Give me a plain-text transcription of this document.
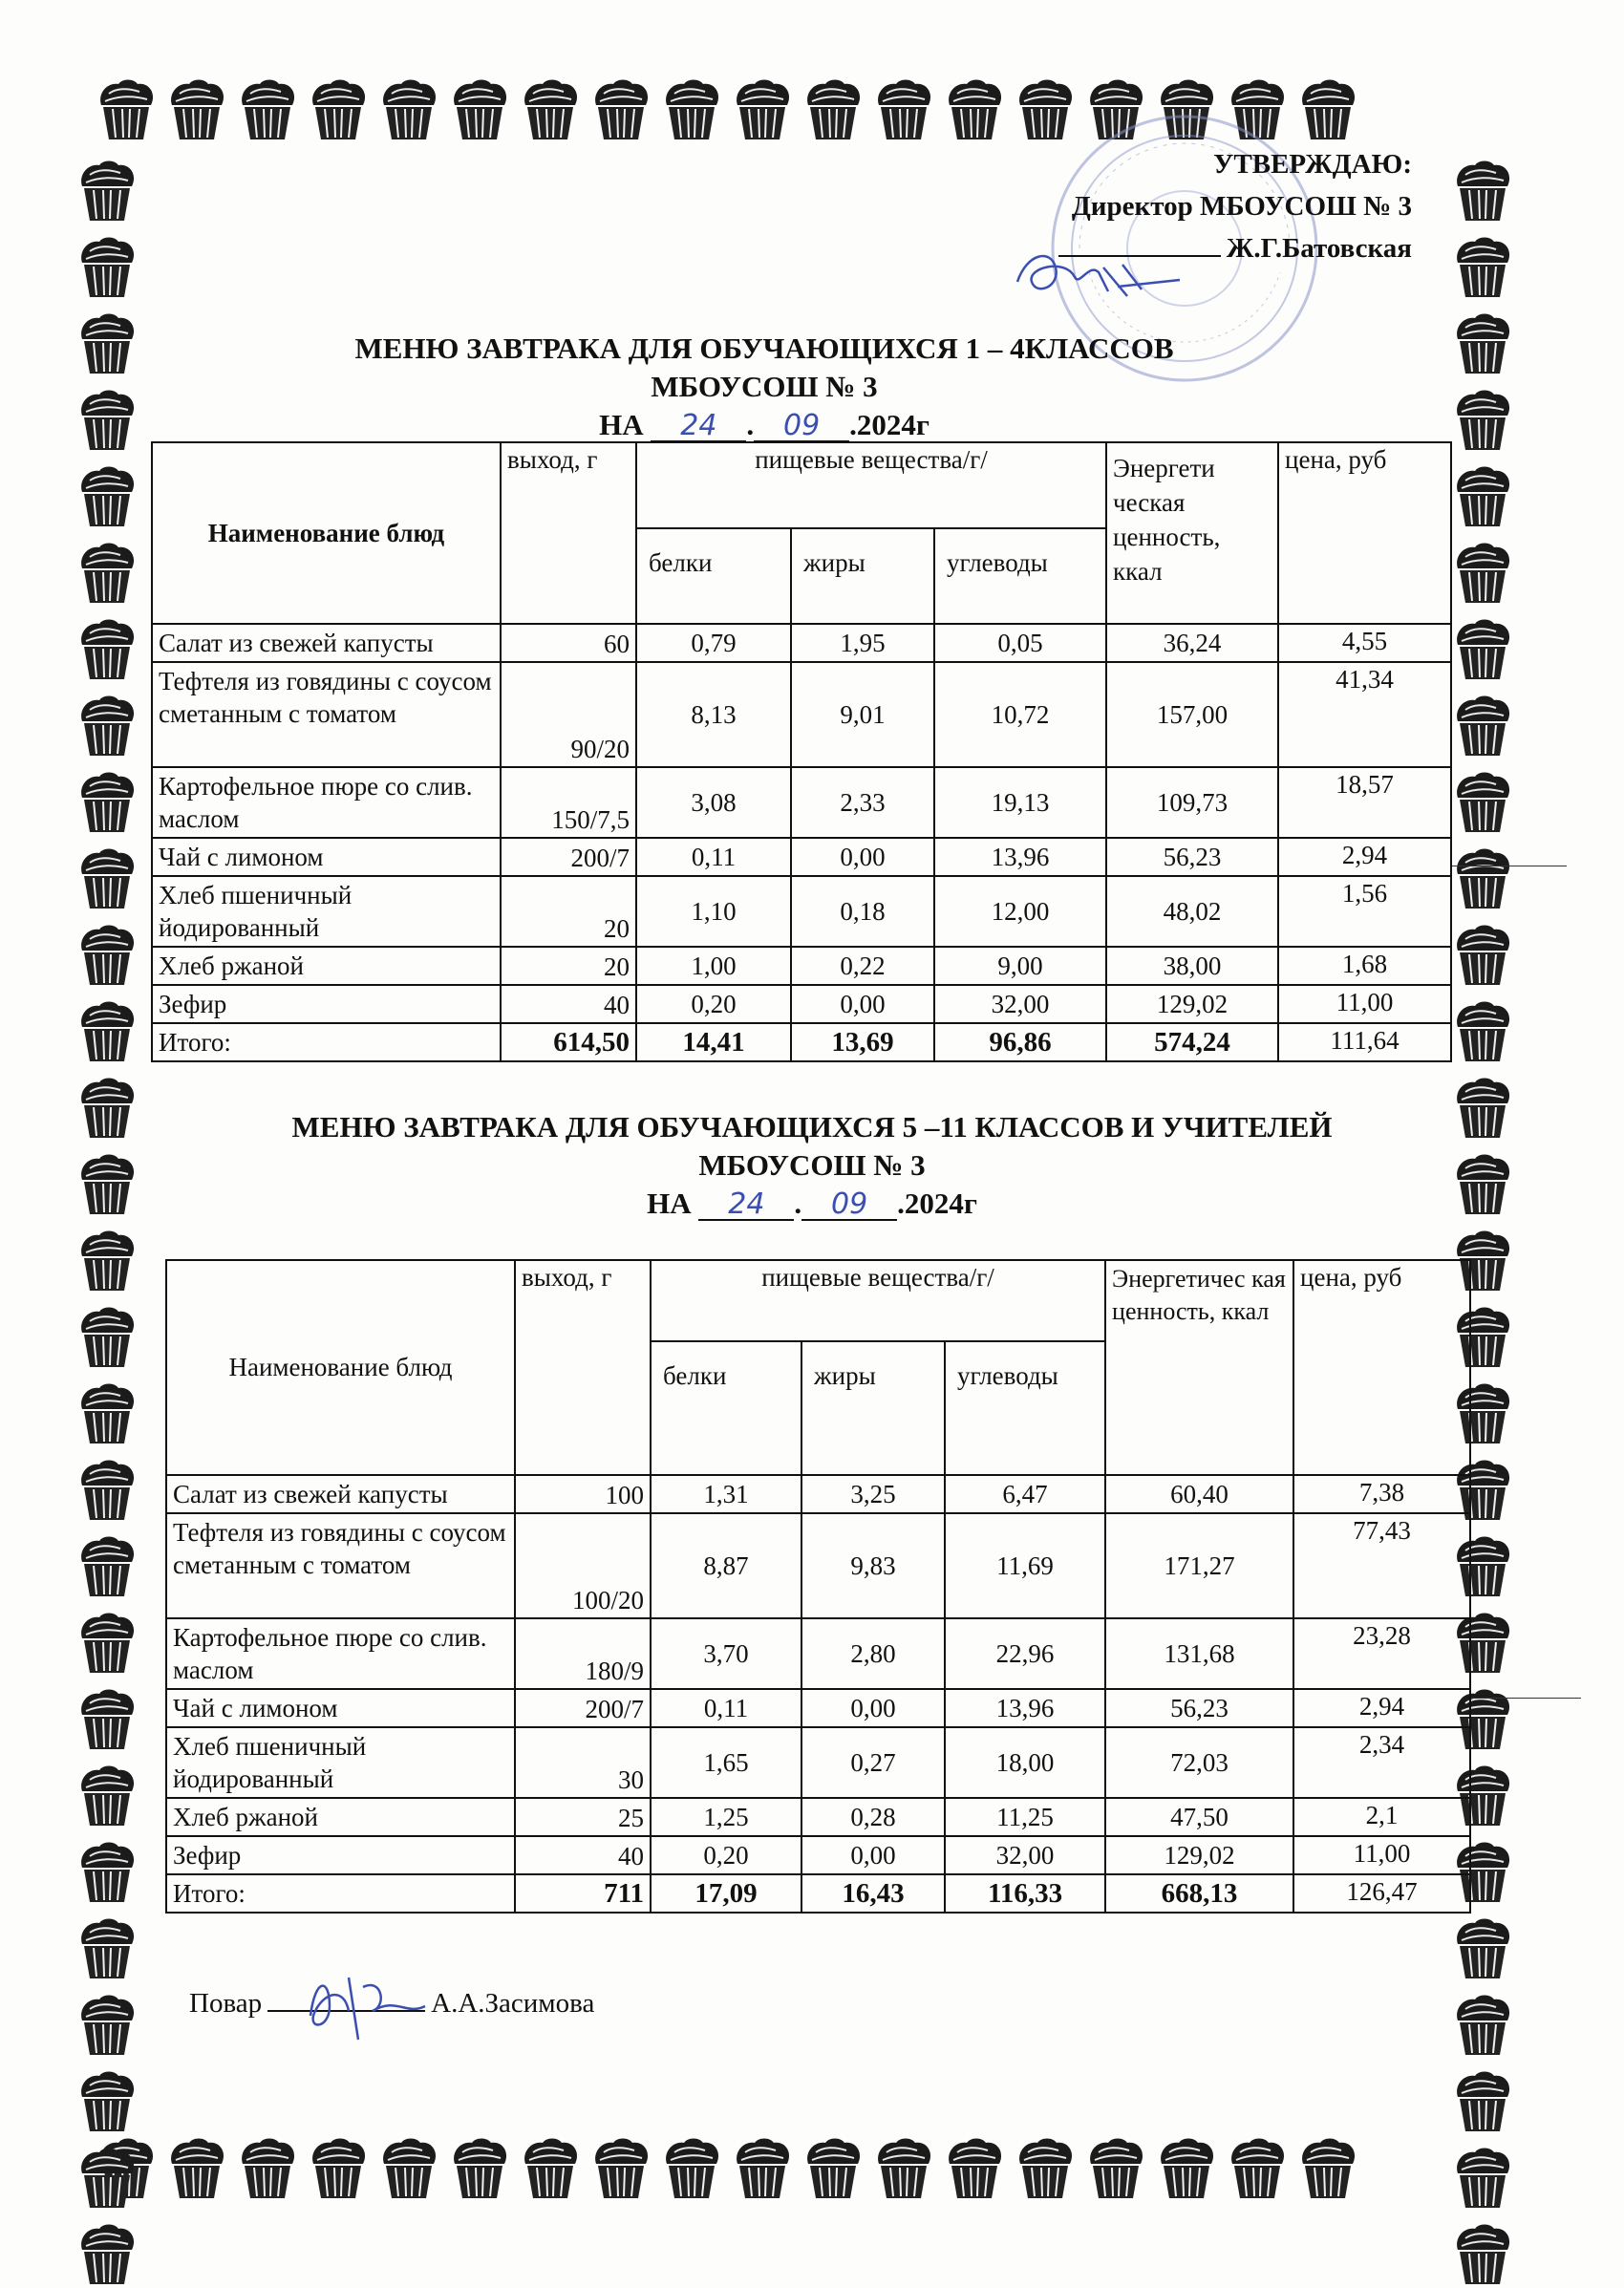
УТВЕРЖДАЮ:
Директор МБОУСОШ № 3
Ж.Г.Батовская
МЕНЮ ЗАВТРАКА ДЛЯ ОБУЧАЮЩИХСЯ 1 – 4КЛАССОВ
МБОУСОШ № 3
НА 24 . 09 .2024г
Наименование блюд	выход, г	пищевые вещества/г/			Энергети ческая ценность, ккал	цена, руб
		белки	жиры	углеводы		
Салат из свежей капусты	60	0,79	1,95	0,05	36,24	4,55
Тефтеля из говядины с соусом сметанным с томатом	90/20	8,13	9,01	10,72	157,00	41,34
Картофельное пюре со слив. маслом	150/7,5	3,08	2,33	19,13	109,73	18,57
Чай с лимоном	200/7	0,11	0,00	13,96	56,23	2,94
Хлеб пшеничный йодированный	20	1,10	0,18	12,00	48,02	1,56
Хлеб ржаной	20	1,00	0,22	9,00	38,00	1,68
Зефир	40	0,20	0,00	32,00	129,02	11,00
Итого:	614,50	14,41	13,69	96,86	574,24	111,64
МЕНЮ ЗАВТРАКА ДЛЯ ОБУЧАЮЩИХСЯ 5 –11 КЛАССОВ И УЧИТЕЛЕЙ
МБОУСОШ № 3
НА 24 . 09 .2024г
Наименование блюд	выход, г	пищевые вещества/г/			Энергетичес кая ценность, ккал	цена, руб
		белки	жиры	углеводы		
Салат из свежей капусты	100	1,31	3,25	6,47	60,40	7,38
Тефтеля из говядины с соусом сметанным с томатом	100/20	8,87	9,83	11,69	171,27	77,43
Картофельное пюре со слив. маслом	180/9	3,70	2,80	22,96	131,68	23,28
Чай с лимоном	200/7	0,11	0,00	13,96	56,23	2,94
Хлеб пшеничный йодированный	30	1,65	0,27	18,00	72,03	2,34
Хлеб ржаной	25	1,25	0,28	11,25	47,50	2,1
Зефир	40	0,20	0,00	32,00	129,02	11,00
Итого:	711	17,09	16,43	116,33	668,13	126,47
Повар	А.А.Засимова
